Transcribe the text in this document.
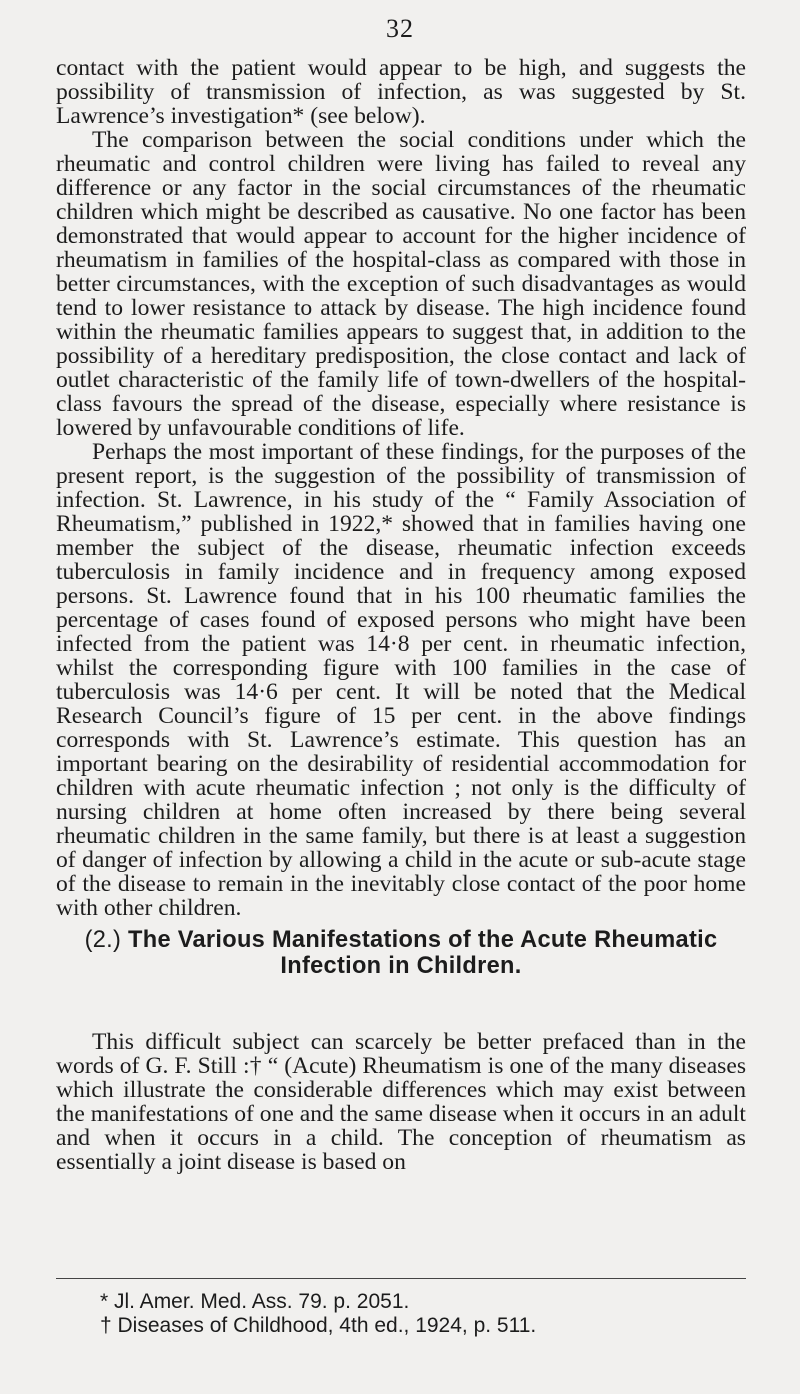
32

contact with the patient would appear to be high, and suggests the possibility of transmission of infection, as was suggested by St. Lawrence’s investigation* (see below).

The comparison between the social conditions under which the rheumatic and control children were living has failed to reveal any difference or any factor in the social circumstances of the rheumatic children which might be described as causative. No one factor has been demonstrated that would appear to account for the higher incidence of rheumatism in families of the hospital-class as compared with those in better circumstances, with the exception of such disadvantages as would tend to lower resistance to attack by disease. The high incidence found within the rheumatic families appears to suggest that, in addition to the possibility of a hereditary predisposition, the close contact and lack of outlet characteristic of the family life of town-dwellers of the hospital-class favours the spread of the disease, especially where resistance is lowered by unfavourable conditions of life.

Perhaps the most important of these findings, for the purposes of the present report, is the suggestion of the possibility of transmission of infection. St. Lawrence, in his study of the “ Family Association of Rheumatism,” published in 1922,* showed that in families having one member the subject of the disease, rheumatic infection exceeds tuberculosis in family incidence and in frequency among exposed persons. St. Lawrence found that in his 100 rheumatic families the percentage of cases found of exposed persons who might have been infected from the patient was 14·8 per cent. in rheumatic infection, whilst the corresponding figure with 100 families in the case of tuberculosis was 14·6 per cent. It will be noted that the Medical Research Council’s figure of 15 per cent. in the above findings corresponds with St. Lawrence’s estimate. This question has an important bearing on the desirability of residential accommodation for children with acute rheumatic infection ; not only is the difficulty of nursing children at home often increased by there being several rheumatic children in the same family, but there is at least a suggestion of danger of infection by allowing a child in the acute or sub-acute stage of the disease to remain in the inevitably close contact of the poor home with other children.

(2.) The Various Manifestations of the Acute Rheumatic
Infection in Children.

This difficult subject can scarcely be better prefaced than in the words of G. F. Still :† “ (Acute) Rheumatism is one of the many diseases which illustrate the considerable differences which may exist between the manifestations of one and the same disease when it occurs in an adult and when it occurs in a child. The conception of rheumatism as essentially a joint disease is based on

* Jl. Amer. Med. Ass. 79. p. 2051.
† Diseases of Childhood, 4th ed., 1924, p. 511.
